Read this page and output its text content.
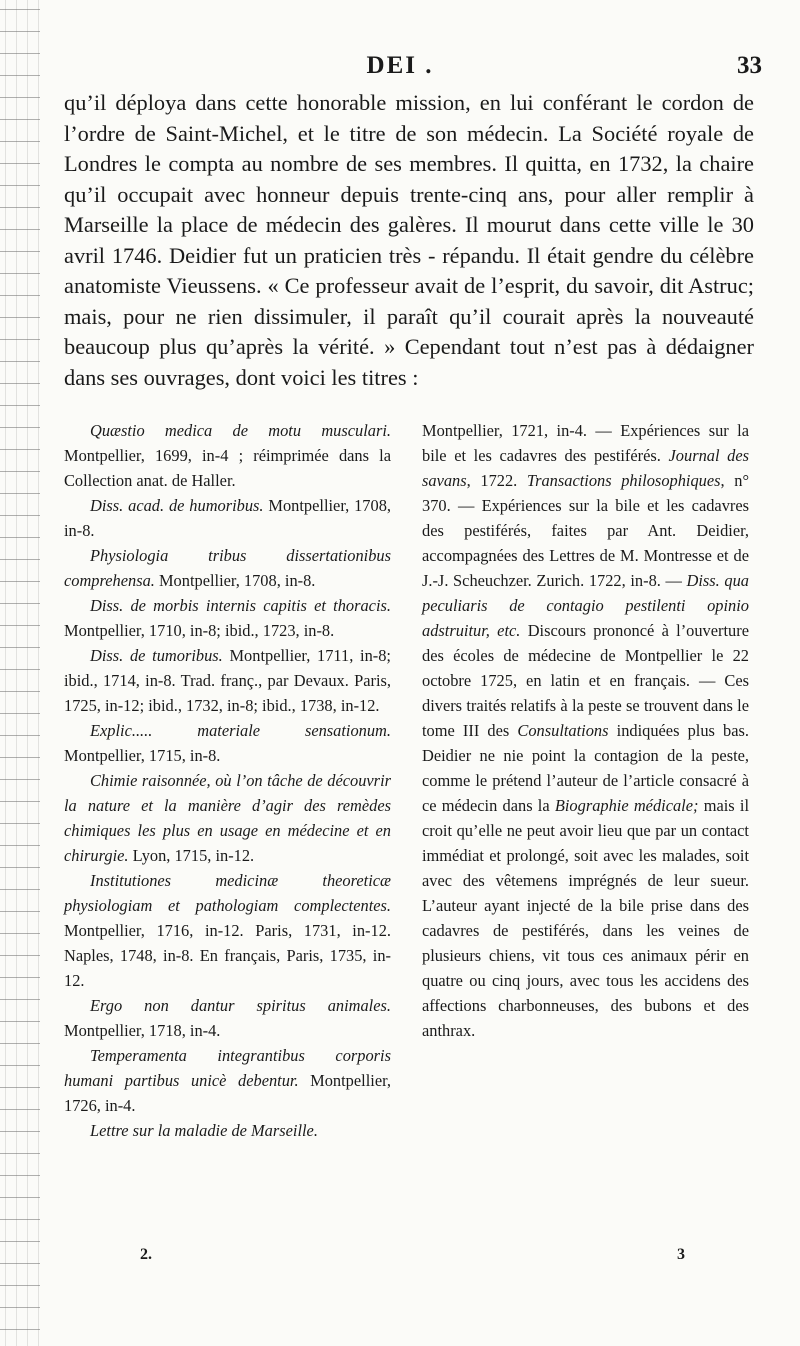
DEI .	33
qu’il déploya dans cette honorable mission, en lui conférant le cordon de l’ordre de Saint-Michel, et le titre de son médecin. La Société royale de Londres le compta au nombre de ses membres. Il quitta, en 1732, la chaire qu’il occupait avec honneur depuis trente-cinq ans, pour aller remplir à Marseille la place de médecin des galères. Il mourut dans cette ville le 30 avril 1746. Deidier fut un praticien très - répandu. Il était gendre du célèbre anatomiste Vieussens. « Ce professeur avait de l’esprit, du savoir, dit Astruc; mais, pour ne rien dissimuler, il paraît qu’il courait après la nouveauté beaucoup plus qu’après la vérité. » Cependant tout n’est pas à dédaigner dans ses ouvrages, dont voici les titres :

Quæstio medica de motu musculari. Montpellier, 1699, in-4 ; réimprimée dans la Collection anat. de Haller.

Diss. acad. de humoribus. Montpellier, 1708, in-8.

Physiologia tribus dissertationibus comprehensa. Montpellier, 1708, in-8.

Diss. de morbis internis capitis et thoracis. Montpellier, 1710, in-8; ibid., 1723, in-8.

Diss. de tumoribus. Montpellier, 1711, in-8; ibid., 1714, in-8. Trad. franç., par Devaux. Paris, 1725, in-12; ibid., 1732, in-8; ibid., 1738, in-12.

Explic..... materiale sensationum. Montpellier, 1715, in-8.

Chimie raisonnée, où l’on tâche de découvrir la nature et la manière d’agir des remèdes chimiques les plus en usage en médecine et en chirurgie. Lyon, 1715, in-12.

Institutiones medicinæ theoreticæ physiologiam et pathologiam complectentes. Montpellier, 1716, in-12. Paris, 1731, in-12. Naples, 1748, in-8. En français, Paris, 1735, in-12.

Ergo non dantur spiritus animales. Montpellier, 1718, in-4.

Temperamenta integrantibus corporis humani partibus unicè debentur. Montpellier, 1726, in-4.

Lettre sur la maladie de Marseille.

Montpellier, 1721, in-4. — Expériences sur la bile et les cadavres des pestiférés. Journal des savans, 1722. Transactions philosophiques, n° 370. — Expériences sur la bile et les cadavres des pestiférés, faites par Ant. Deidier, accompagnées des Lettres de M. Montresse et de J.-J. Scheuchzer. Zurich. 1722, in-8. — Diss. qua peculiaris de contagio pestilenti opinio adstruitur, etc. Discours prononcé à l’ouverture des écoles de médecine de Montpellier le 22 octobre 1725, en latin et en français. — Ces divers traités relatifs à la peste se trouvent dans le tome III des Consultations indiquées plus bas. Deidier ne nie point la contagion de la peste, comme le prétend l’auteur de l’article consacré à ce médecin dans la Biographie médicale; mais il croit qu’elle ne peut avoir lieu que par un contact immédiat et prolongé, soit avec les malades, soit avec des vêtemens imprégnés de leur sueur. L’auteur ayant injecté de la bile prise dans des cadavres de pestiférés, dans les veines de plusieurs chiens, vit tous ces animaux périr en quatre ou cinq jours, avec tous les accidens des affections charbonneuses, des bubons et des anthrax.

2.	3
